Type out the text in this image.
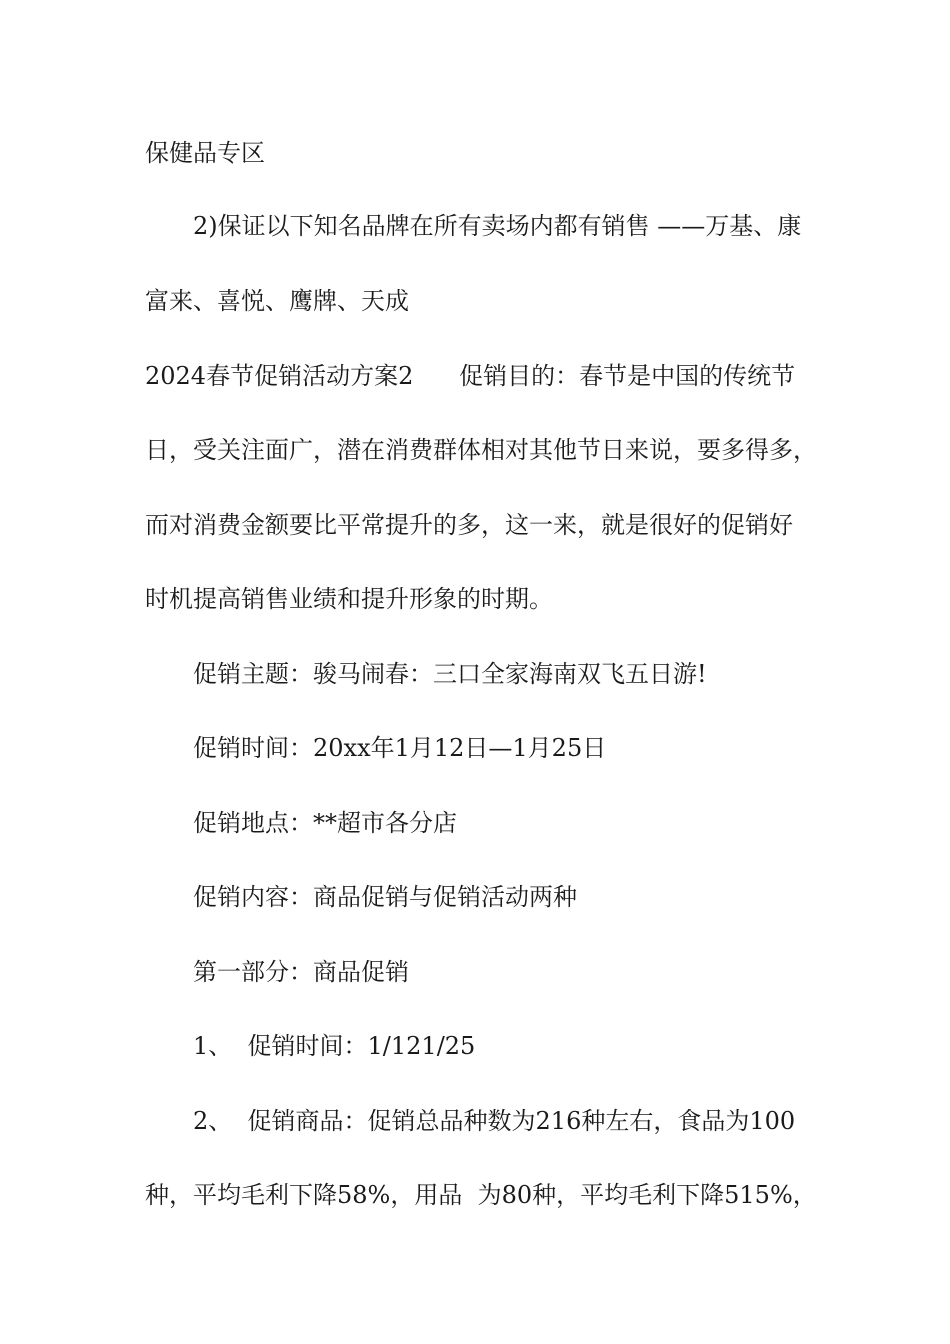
保健品专区

2)保证以下知名品牌在所有卖场内都有销售 ——万基、康

富来、喜悦、鹰牌、天成

2024春节促销活动方案2      促销目的：春节是中国的传统节

日，受关注面广，潜在消费群体相对其他节日来说，要多得多，

而对消费金额要比平常提升的多，这一来，就是很好的促销好

时机提高销售业绩和提升形象的时期。

促销主题：骏马闹春：三口全家海南双飞五日游!

促销时间：20xx年1月12日—1月25日

促销地点：**超市各分店

促销内容：商品促销与促销活动两种

第一部分：商品促销

1、  促销时间：1/121/25

2、  促销商品：促销总品种数为216种左右，食品为100

种，平均毛利下降58%，用品  为80种，平均毛利下降515%，
